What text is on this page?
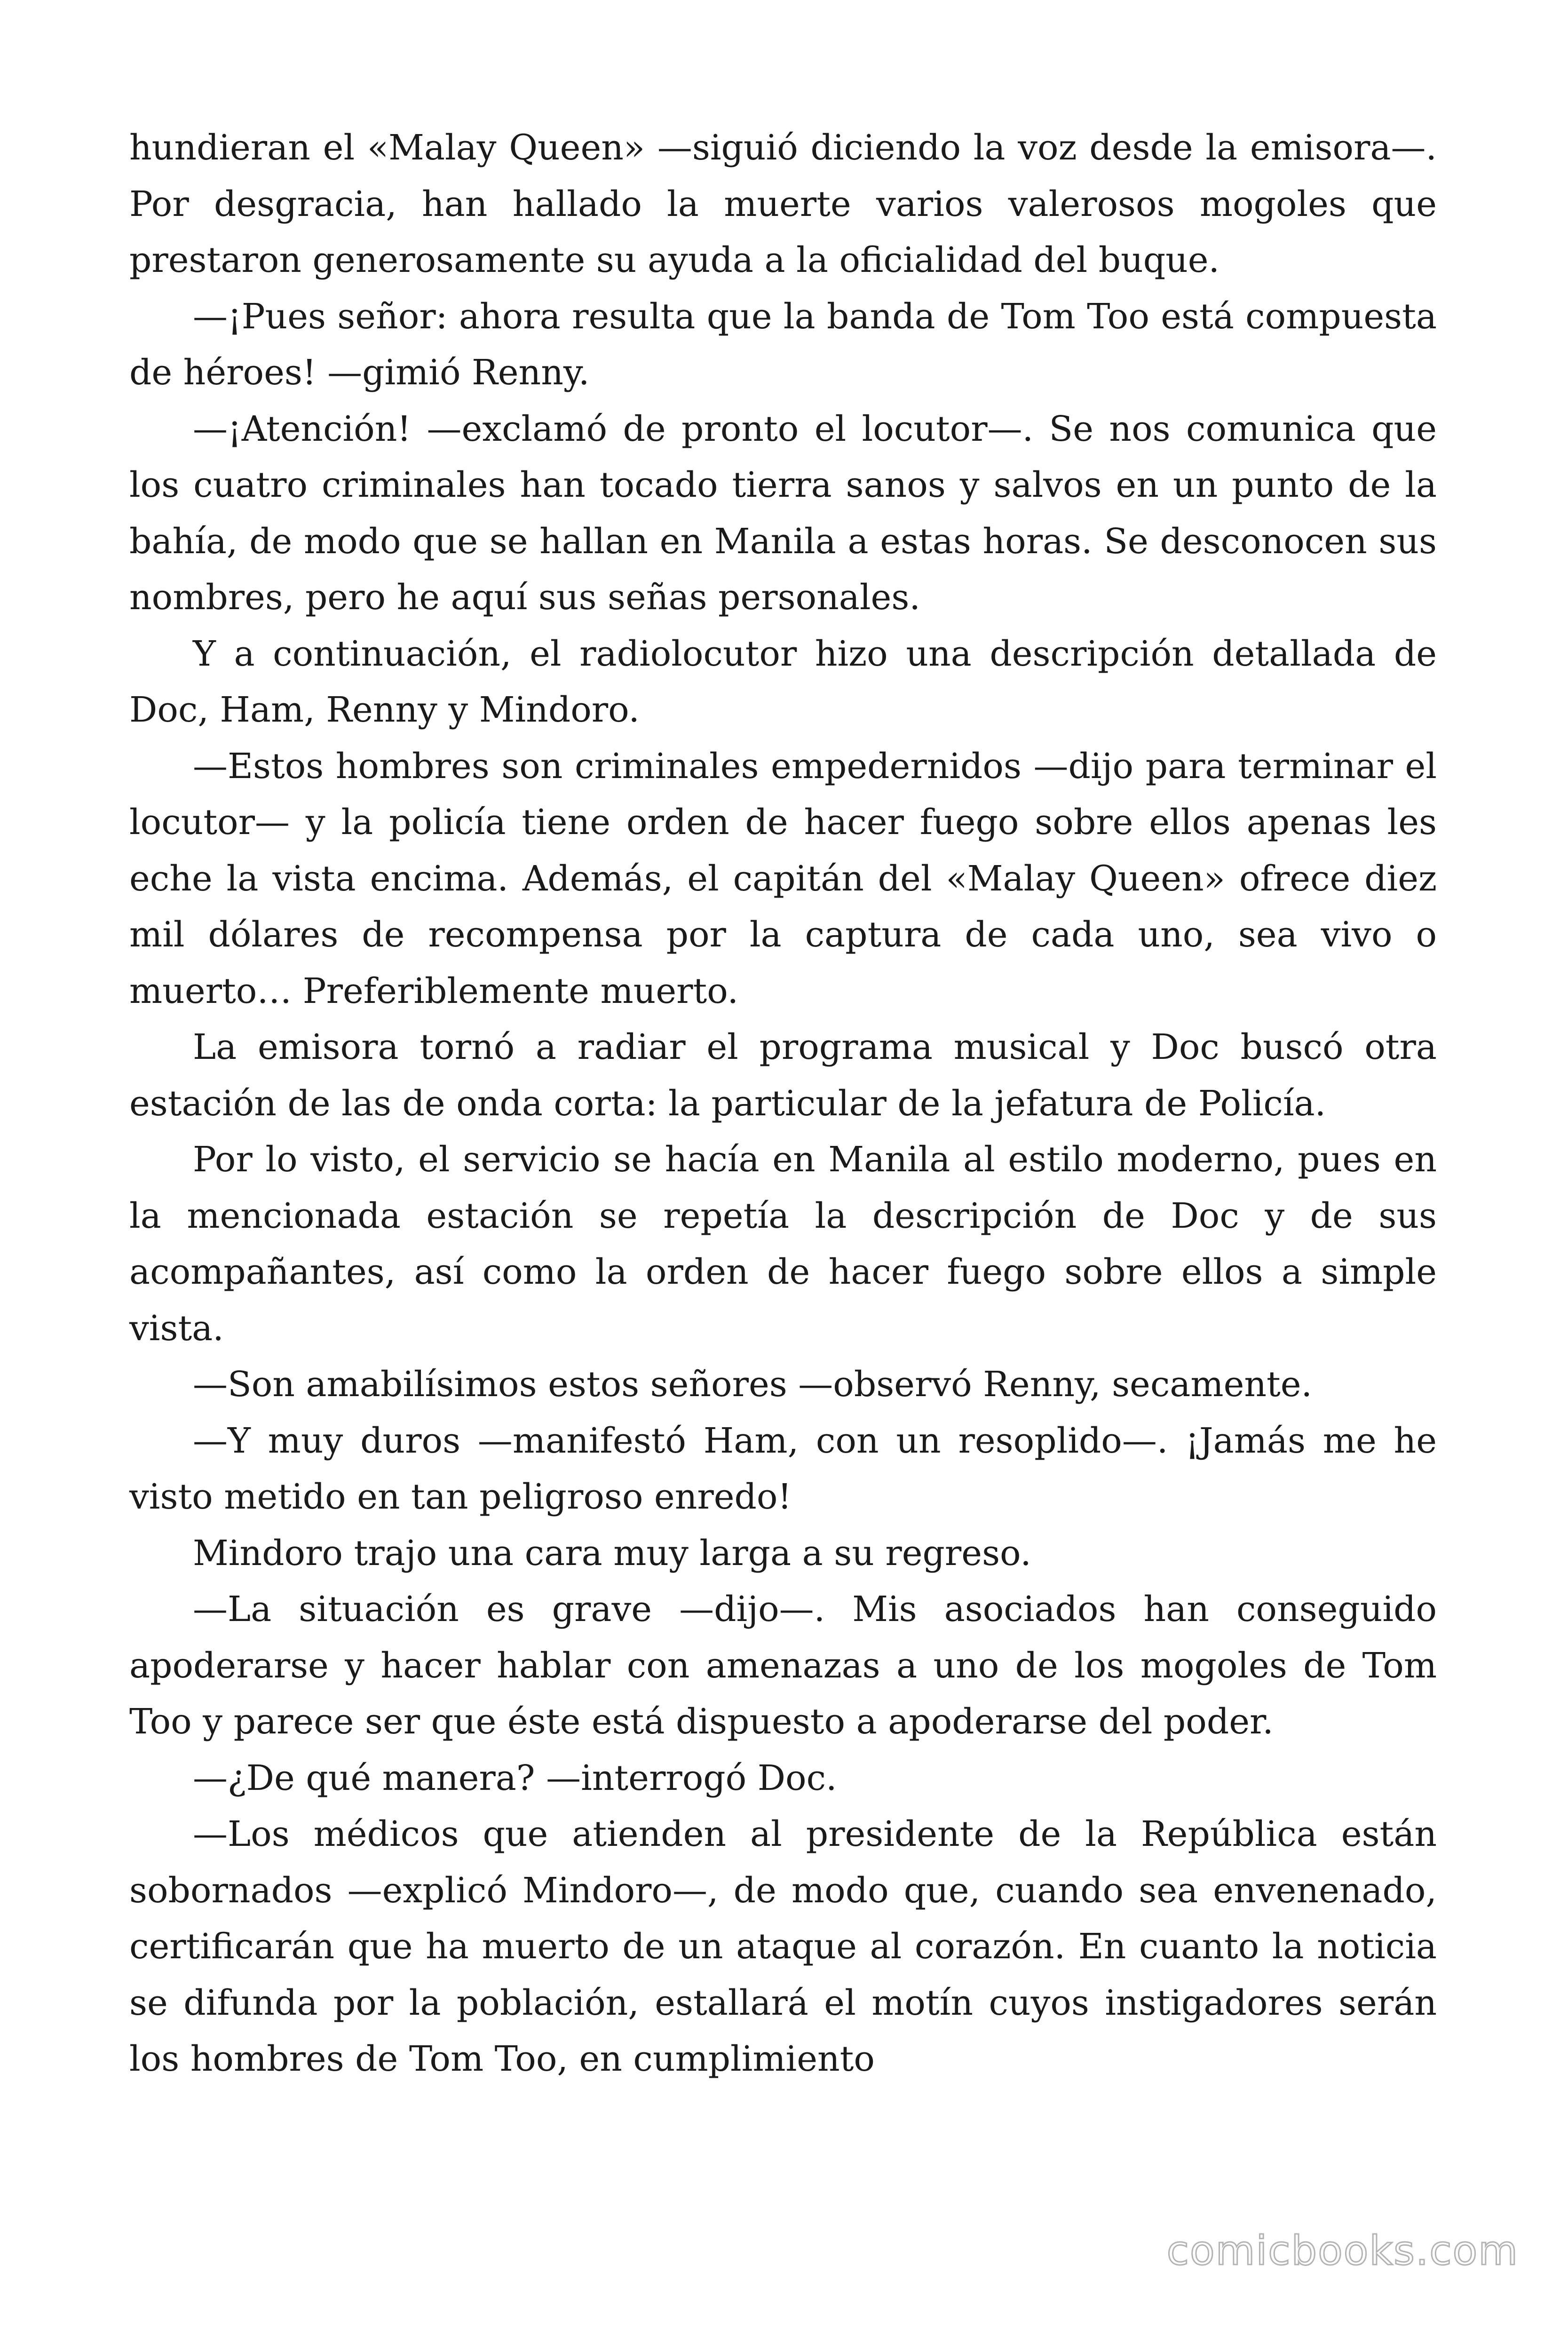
hundieran el «Malay Queen» —siguió diciendo la voz desde la emisora—. Por desgracia, han hallado la muerte varios valerosos mogoles que prestaron generosamente su ayuda a la oficialidad del buque.

—¡Pues señor: ahora resulta que la banda de Tom Too está compuesta de héroes! —gimió Renny.

—¡Atención! —exclamó de pronto el locutor—. Se nos comunica que los cuatro criminales han tocado tierra sanos y salvos en un punto de la bahía, de modo que se hallan en Manila a estas horas. Se desconocen sus nombres, pero he aquí sus señas personales.

Y a continuación, el radiolocutor hizo una descripción detallada de Doc, Ham, Renny y Mindoro.

—Estos hombres son criminales empedernidos —dijo para terminar el locutor— y la policía tiene orden de hacer fuego sobre ellos apenas les eche la vista encima. Además, el capitán del «Malay Queen» ofrece diez mil dólares de recompensa por la captura de cada uno, sea vivo o muerto… Preferiblemente muerto.

La emisora tornó a radiar el programa musical y Doc buscó otra estación de las de onda corta: la particular de la jefatura de Policía.

Por lo visto, el servicio se hacía en Manila al estilo moderno, pues en la mencionada estación se repetía la descripción de Doc y de sus acompañantes, así como la orden de hacer fuego sobre ellos a simple vista.

—Son amabilísimos estos señores —observó Renny, secamente.

—Y muy duros —manifestó Ham, con un resoplido—. ¡Jamás me he visto metido en tan peligroso enredo!

Mindoro trajo una cara muy larga a su regreso.

—La situación es grave —dijo—. Mis asociados han conseguido apoderarse y hacer hablar con amenazas a uno de los mogoles de Tom Too y parece ser que éste está dispuesto a apoderarse del poder.

—¿De qué manera? —interrogó Doc.

—Los médicos que atienden al presidente de la República están sobornados —explicó Mindoro—, de modo que, cuando sea envenenado, certificarán que ha muerto de un ataque al corazón. En cuanto la noticia se difunda por la población, estallará el motín cuyos instigadores serán los hombres de Tom Too, en cumplimiento

comicbooks.com
